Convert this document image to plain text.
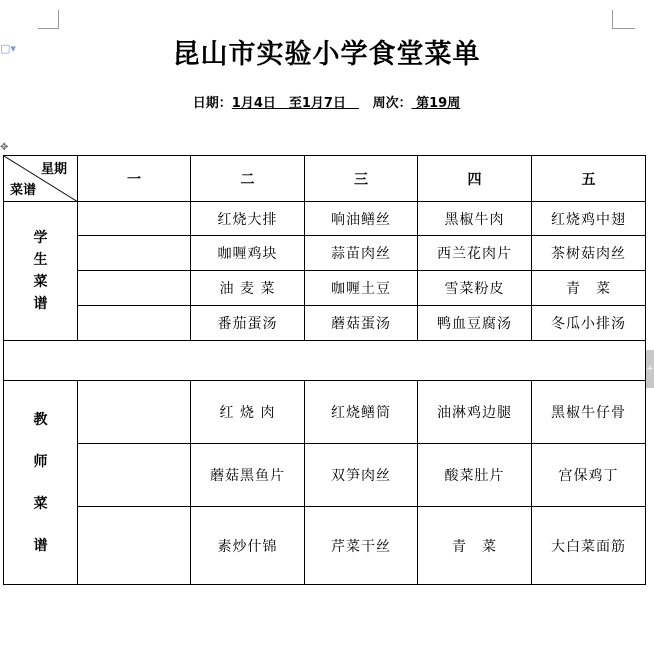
▢▾
✥
+
昆山市实验小学食堂菜单
日期：1月4日　至1月7日　   周次： 第19周
星期
菜谱	一	二	三	四	五

学
生
菜
谱		红烧大排	响油鳝丝	黑椒牛肉	红烧鸡中翅
		咖喱鸡块	蒜苗肉丝	西兰花肉片	茶树菇肉丝
		油 麦 菜	咖喱土豆	雪菜粉皮	青　菜
		番茄蛋汤	蘑菇蛋汤	鸭血豆腐汤	冬瓜小排汤

教
师
菜
谱		红 烧 肉	红烧鳝筒	油淋鸡边腿	黑椒牛仔骨
		蘑菇黑鱼片	双笋肉丝	酸菜肚片	宫保鸡丁
		素炒什锦	芹菜干丝	青　菜	大白菜面筋
